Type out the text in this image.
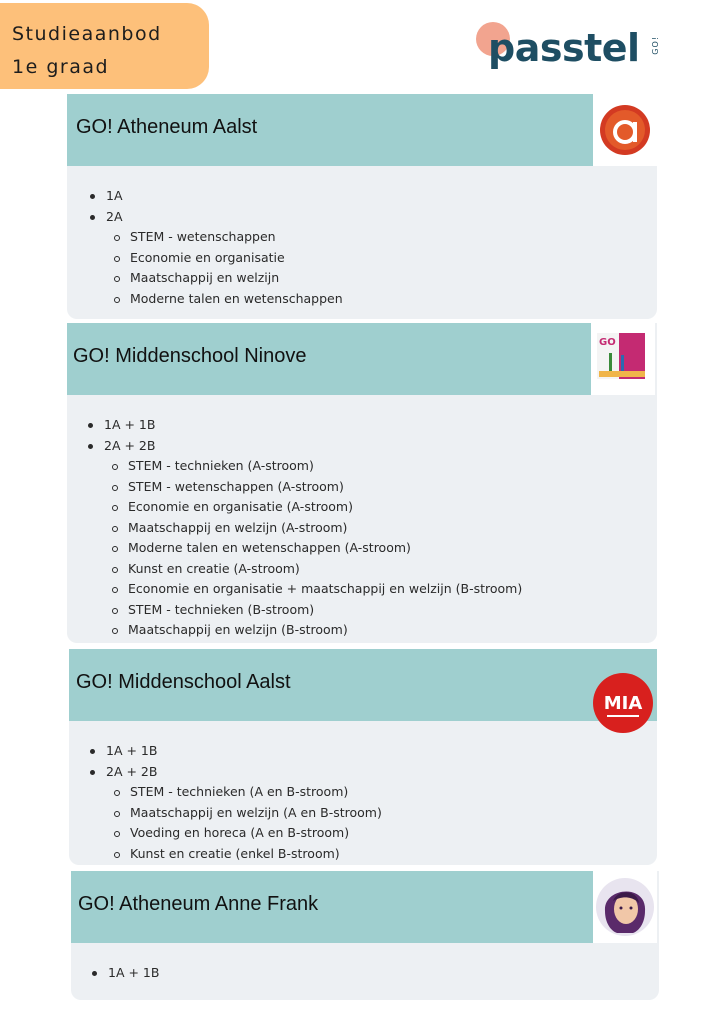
Studieaanbod
1e graad	passtel GO!
GO! Atheneum Aalst
1A
2A
STEM - wetenschappen
Economie en organisatie
Maatschappij en welzijn
Moderne talen en wetenschappen
GO! Middenschool Ninove
GO
1A + 1B
2A + 2B
STEM - technieken (A-stroom)
STEM - wetenschappen (A-stroom)
Economie en organisatie (A-stroom)
Maatschappij en welzijn (A-stroom)
Moderne talen en wetenschappen (A-stroom)
Kunst en creatie (A-stroom)
Economie en organisatie + maatschappij en welzijn (B-stroom)
STEM - technieken (B-stroom)
Maatschappij en welzijn (B-stroom)
GO! Middenschool Aalst
MIA
1A + 1B
2A + 2B
STEM - technieken (A en B-stroom)
Maatschappij en welzijn (A en B-stroom)
Voeding en horeca (A en B-stroom)
Kunst en creatie (enkel B-stroom)
GO! Atheneum Anne Frank
1A + 1B
